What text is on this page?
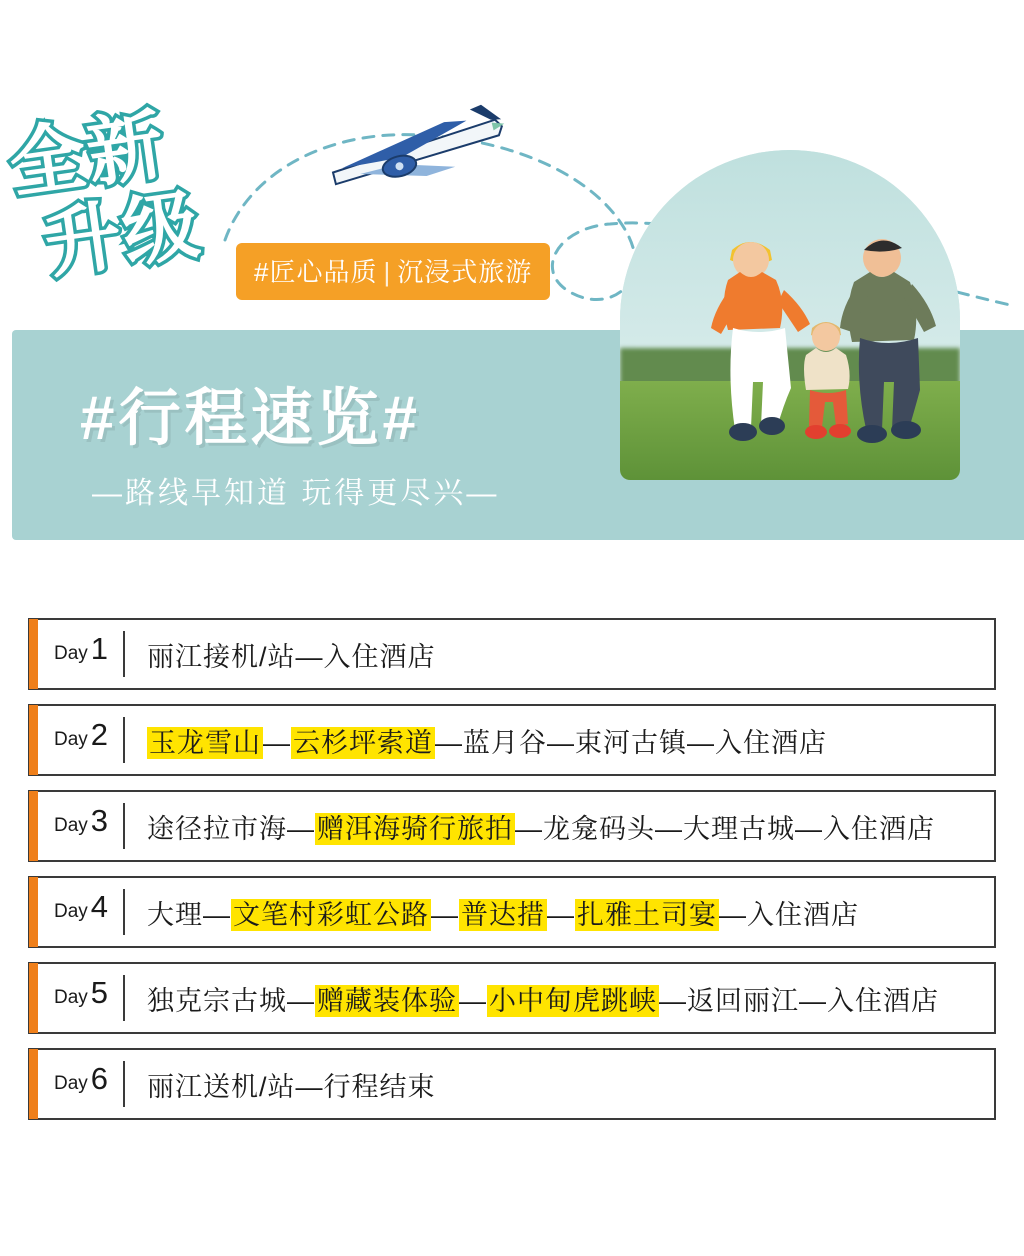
全新
升级	#匠心品质 | 沉浸式旅游
#行程速览#
—路线早知道 玩得更尽兴—
Day 1	丽江接机/站—入住酒店
Day 2	玉龙雪山—云杉坪索道—蓝月谷—束河古镇—入住酒店
Day 3	途径拉市海—赠洱海骑行旅拍—龙龛码头—大理古城—入住酒店
Day 4	大理—文笔村彩虹公路—普达措—扎雅土司宴—入住酒店
Day 5	独克宗古城—赠藏装体验—小中甸虎跳峡—返回丽江—入住酒店
Day 6	丽江送机/站—行程结束
